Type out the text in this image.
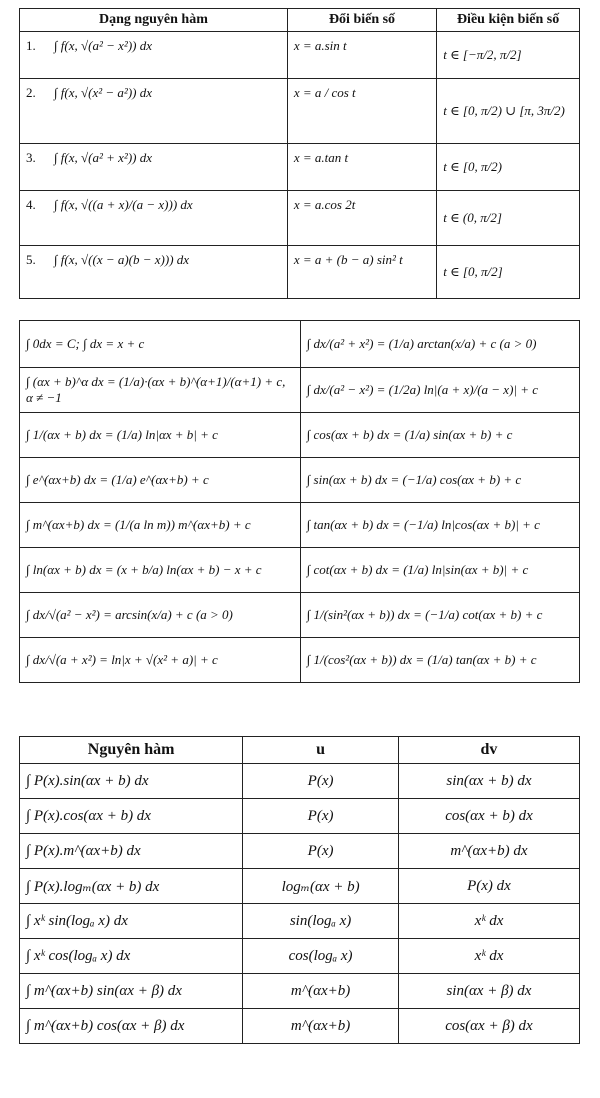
Dạng nguyên hàm	Đổi biến số	Điều kiện biến số
1. ∫ f(x, √(a² − x²)) dx	x = a.sin t	t ∈ [−π/2, π/2]
2. ∫ f(x, √(x² − a²)) dx	x = a / cos t	t ∈ [0, π/2) ∪ [π, 3π/2)
3. ∫ f(x, √(a² + x²)) dx	x = a.tan t	t ∈ [0, π/2)
4. ∫ f(x, √((a + x)/(a − x))) dx	x = a.cos 2t	t ∈ (0, π/2]
5. ∫ f(x, √((x − a)(b − x))) dx	x = a + (b − a) sin² t	t ∈ [0, π/2]
∫ 0dx = C; ∫ dx = x + c	∫ dx/(a² + x²) = (1/a) arctan(x/a) + c (a > 0)
∫ (αx + b)^α dx = (1/a)·(αx + b)^(α+1)/(α+1) + c, α ≠ −1	∫ dx/(a² − x²) = (1/2a) ln|(a + x)/(a − x)| + c
∫ 1/(αx + b) dx = (1/a) ln|αx + b| + c	∫ cos(αx + b) dx = (1/a) sin(αx + b) + c
∫ e^(αx+b) dx = (1/a) e^(αx+b) + c	∫ sin(αx + b) dx = (−1/a) cos(αx + b) + c
∫ m^(αx+b) dx = (1/(a ln m)) m^(αx+b) + c	∫ tan(αx + b) dx = (−1/a) ln|cos(αx + b)| + c
∫ ln(αx + b) dx = (x + b/a) ln(αx + b) − x + c	∫ cot(αx + b) dx = (1/a) ln|sin(αx + b)| + c
∫ dx/√(a² − x²) = arcsin(x/a) + c (a > 0)	∫ 1/(sin²(αx + b)) dx = (−1/a) cot(αx + b) + c
∫ dx/√(a + x²) = ln|x + √(x² + a)| + c	∫ 1/(cos²(αx + b)) dx = (1/a) tan(αx + b) + c
Nguyên hàm	u	dv
∫ P(x).sin(αx + b) dx	P(x)	sin(αx + b) dx
∫ P(x).cos(αx + b) dx	P(x)	cos(αx + b) dx
∫ P(x).m^(αx+b) dx	P(x)	m^(αx+b) dx
∫ P(x).logₘ(αx + b) dx	logₘ(αx + b)	P(x) dx
∫ xᵏ sin(logₐ x) dx	sin(logₐ x)	xᵏ dx
∫ xᵏ cos(logₐ x) dx	cos(logₐ x)	xᵏ dx
∫ m^(αx+b) sin(αx + β) dx	m^(αx+b)	sin(αx + β) dx
∫ m^(αx+b) cos(αx + β) dx	m^(αx+b)	cos(αx + β) dx
